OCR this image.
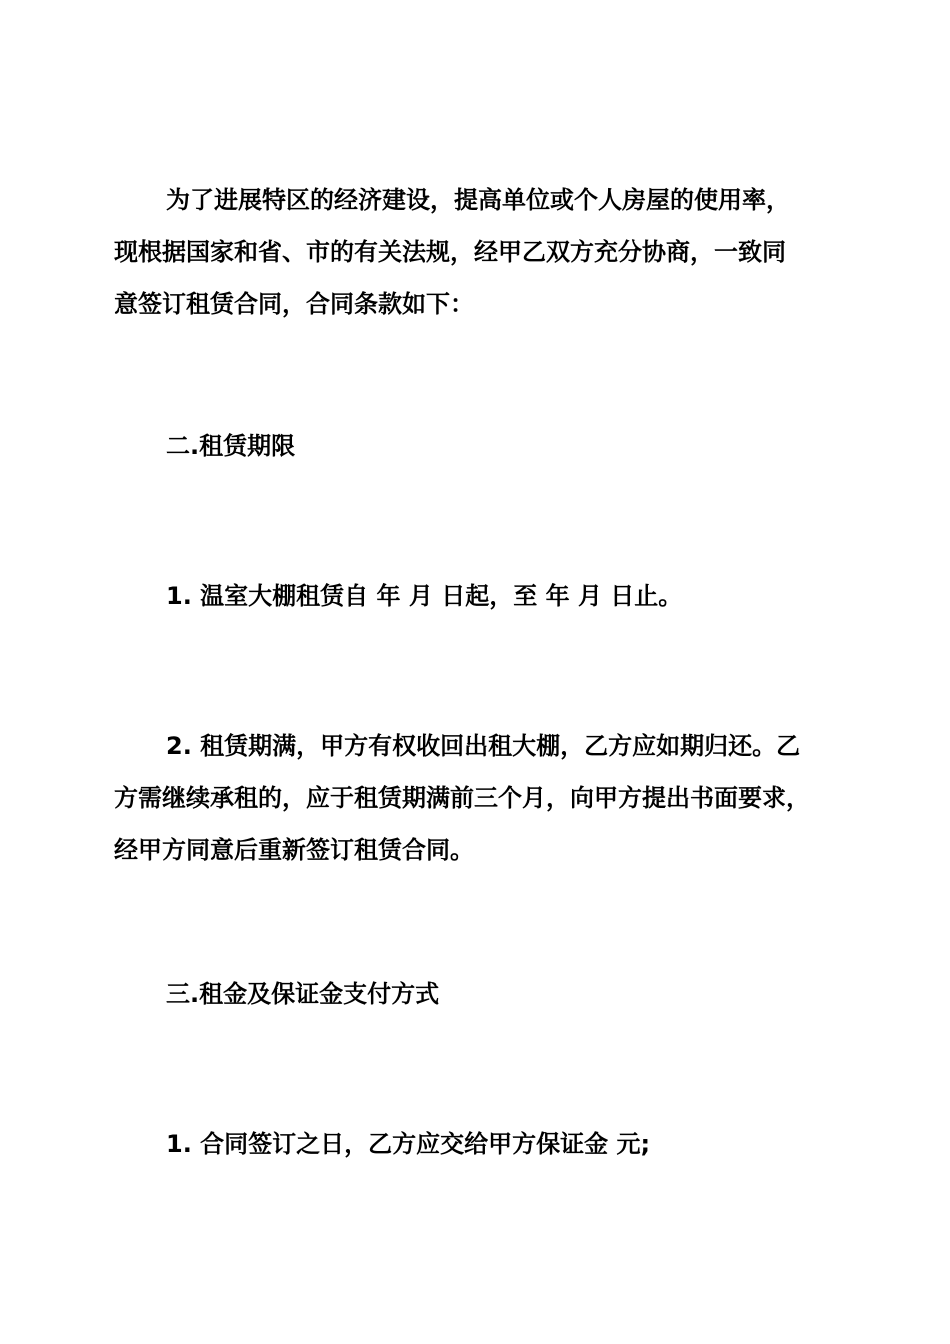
为了进展特区的经济建设，提高单位或个人房屋的使用率，
现根据国家和省、市的有关法规，经甲乙双方充分协商，一致同
意签订租赁合同，合同条款如下：
二.租赁期限
1. 温室大棚租赁自 年 月 日起，至 年 月 日止。
2. 租赁期满，甲方有权收回出租大棚，乙方应如期归还。乙
方需继续承租的，应于租赁期满前三个月，向甲方提出书面要求，
经甲方同意后重新签订租赁合同。
三.租金及保证金支付方式
1. 合同签订之日，乙方应交给甲方保证金 元;
